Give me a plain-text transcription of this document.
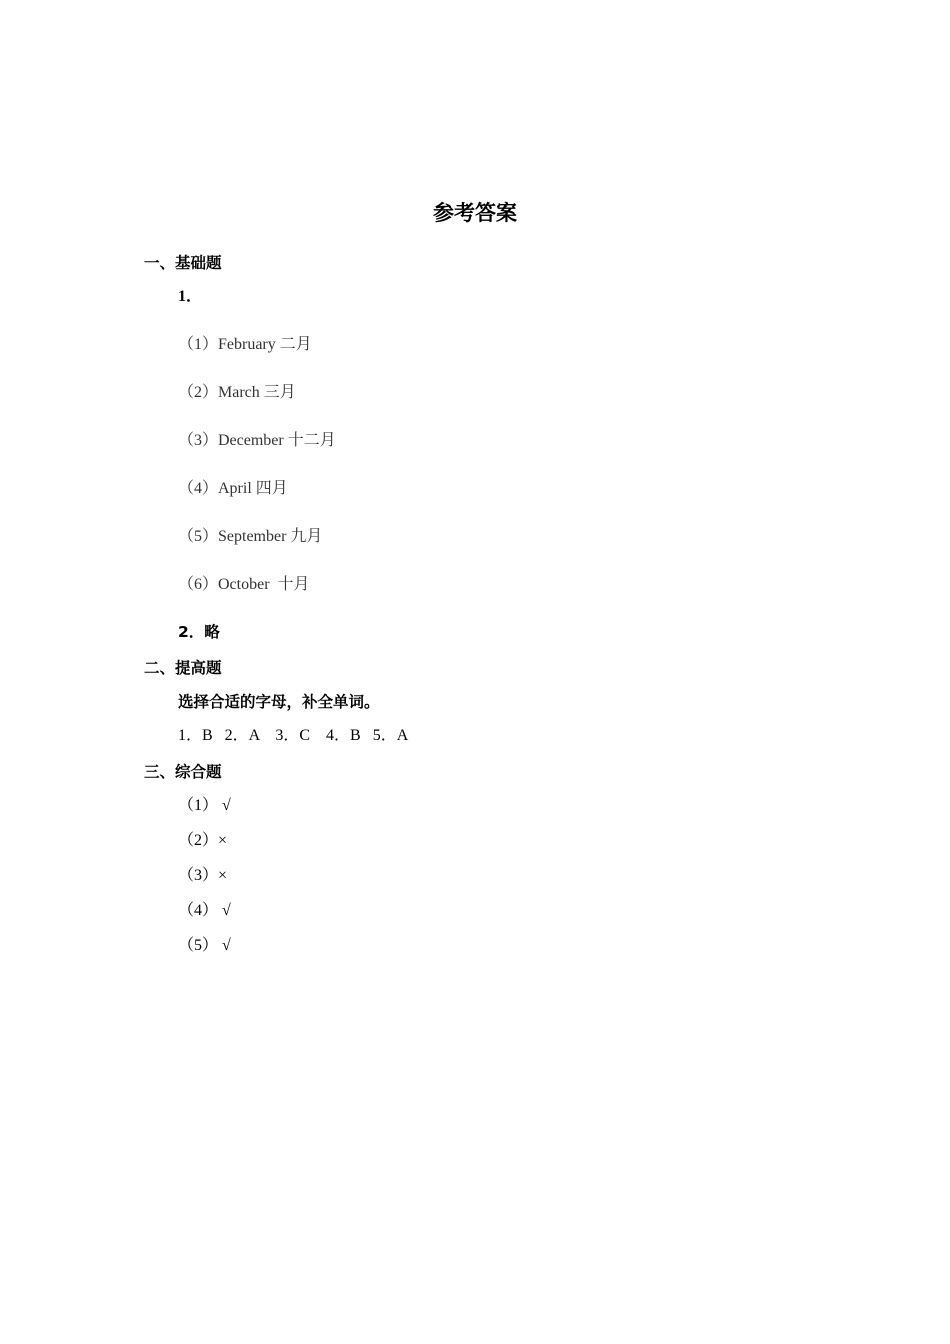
参考答案
一、基础题
1．
（1）February 二月
（2）March 三月
（3）December 十二月
（4）April 四月
（5）September 九月
（6）October  十月
2．略
二、提高题
选择合适的字母，补全单词。
1．B   2．A    3．C    4．B   5．A
三、综合题
（1） √
（2）×
（3）×
（4） √
（5） √
